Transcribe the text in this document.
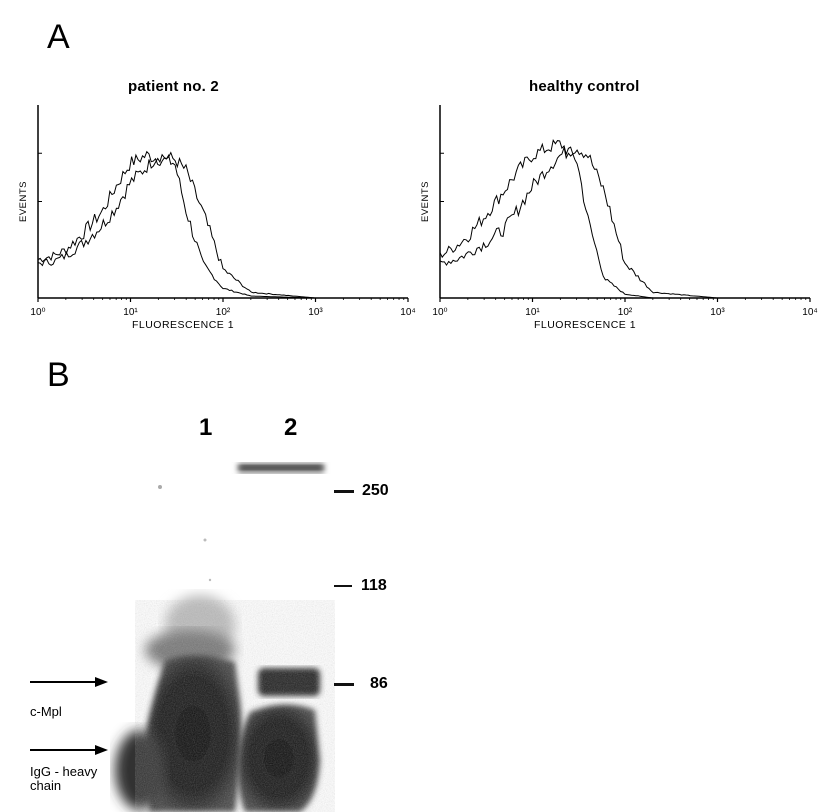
A
patient no. 2	healthy control
10⁰	10¹	10²	10³	10⁴
FLUORESCENCE 1
EVENTS
10⁰	10¹	10²	10³	10⁴
FLUORESCENCE 1
EVENTS
B
1	2
250
118
86
c-Mpl
IgG - heavy
chain
